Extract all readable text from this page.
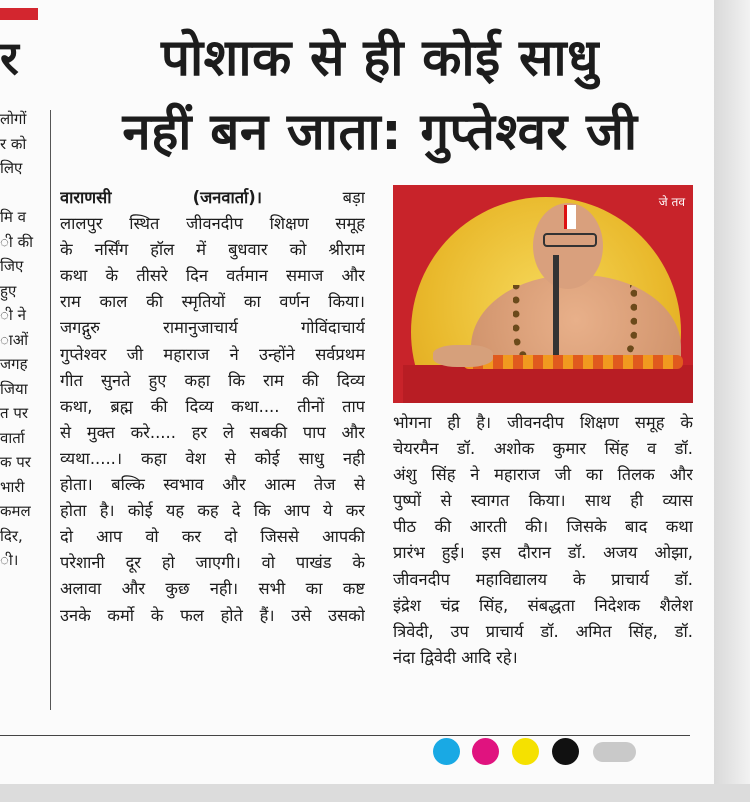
र
लोगों
र को
लिए

मि व
ी की
जिए
हुए
ी ने
ाओं
जगह
जिया
त पर
वार्ता
क पर
भारी
कमल
दिर,
ी।
पोशाक से ही कोई साधु
नहीं बन जाता: गुप्तेश्वर जी
वाराणसी (जनवार्ता)। बड़ा
लालपुर स्थित जीवनदीप शिक्षण समूह
के नर्सिंग हॉल में बुधवार को श्रीराम
कथा के तीसरे दिन वर्तमान समाज और
राम काल की स्मृतियों का वर्णन किया।
जगद्गुरु रामानुजाचार्य गोविंदाचार्य
गुप्तेश्वर जी महाराज ने उन्होंने सर्वप्रथम
गीत सुनते हुए कहा कि राम की दिव्य
कथा, ब्रह्म की दिव्य कथा.... तीनों ताप
से मुक्त करे..... हर ले सबकी पाप और
व्यथा.....। कहा वेश से कोई साधु नही
होता। बल्कि स्वभाव और आत्म तेज से
होता है। कोई यह कह दे कि आप ये कर
दो आप वो कर दो जिससे आपकी
परेशानी दूर हो जाएगी। वो पाखंड के
अलावा और कुछ नही। सभी का कष्ट
उनके कर्मो के फल होते हैं। उसे उसको
जे तव
भोगना ही है। जीवनदीप शिक्षण समूह के
चेयरमैन डॉ. अशोक कुमार सिंह व डॉ.
अंशु सिंह ने महाराज जी का तिलक और
पुष्पों से स्वागत किया। साथ ही व्यास
पीठ की आरती की। जिसके बाद कथा
प्रारंभ हुई। इस दौरान डॉ. अजय ओझा,
जीवनदीप महाविद्यालय के प्राचार्य डॉ.
इंद्रेश चंद्र सिंह, संबद्धता निदेशक शैलेश
त्रिवेदी, उप प्राचार्य डॉ. अमित सिंह, डॉ.
नंदा द्विवेदी आदि रहे।
